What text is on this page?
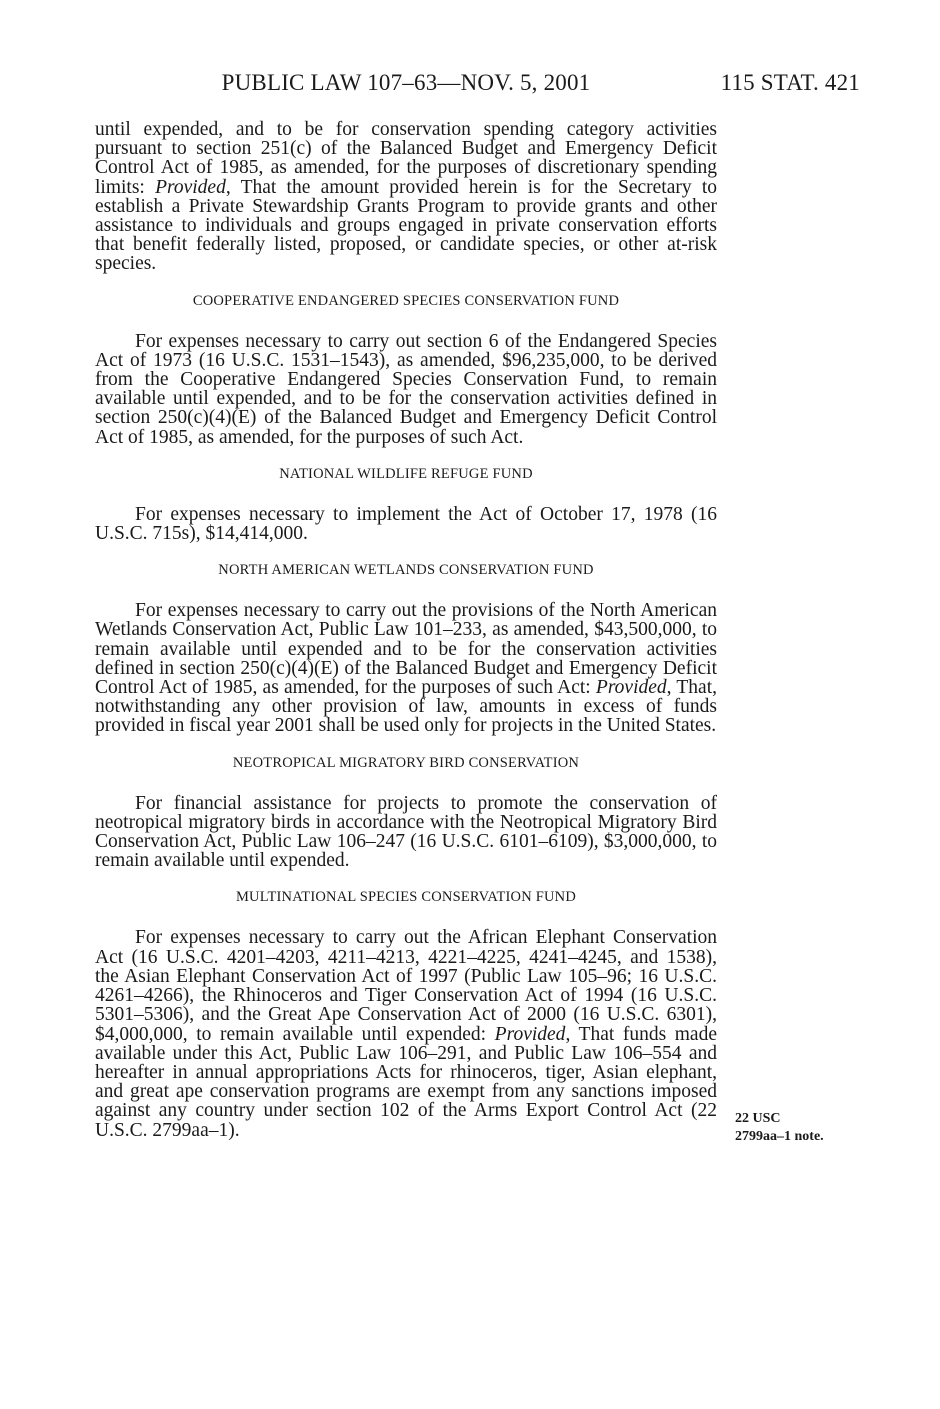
PUBLIC LAW 107–63—NOV. 5, 2001	115 STAT. 421

until expended, and to be for conservation spending category activities pursuant to section 251(c) of the Balanced Budget and Emergency Deficit Control Act of 1985, as amended, for the purposes of discretionary spending limits: Provided, That the amount provided herein is for the Secretary to establish a Private Stewardship Grants Program to provide grants and other assistance to individuals and groups engaged in private conservation efforts that benefit federally listed, proposed, or candidate species, or other at-risk species.

COOPERATIVE ENDANGERED SPECIES CONSERVATION FUND

For expenses necessary to carry out section 6 of the Endangered Species Act of 1973 (16 U.S.C. 1531–1543), as amended, $96,235,000, to be derived from the Cooperative Endangered Species Conservation Fund, to remain available until expended, and to be for the conservation activities defined in section 250(c)(4)(E) of the Balanced Budget and Emergency Deficit Control Act of 1985, as amended, for the purposes of such Act.

NATIONAL WILDLIFE REFUGE FUND

For expenses necessary to implement the Act of October 17, 1978 (16 U.S.C. 715s), $14,414,000.

NORTH AMERICAN WETLANDS CONSERVATION FUND

For expenses necessary to carry out the provisions of the North American Wetlands Conservation Act, Public Law 101–233, as amended, $43,500,000, to remain available until expended and to be for the conservation activities defined in section 250(c)(4)(E) of the Balanced Budget and Emergency Deficit Control Act of 1985, as amended, for the purposes of such Act: Provided, That, notwithstanding any other provision of law, amounts in excess of funds provided in fiscal year 2001 shall be used only for projects in the United States.

NEOTROPICAL MIGRATORY BIRD CONSERVATION

For financial assistance for projects to promote the conservation of neotropical migratory birds in accordance with the Neotropical Migratory Bird Conservation Act, Public Law 106–247 (16 U.S.C. 6101–6109), $3,000,000, to remain available until expended.

MULTINATIONAL SPECIES CONSERVATION FUND

For expenses necessary to carry out the African Elephant Conservation Act (16 U.S.C. 4201–4203, 4211–4213, 4221–4225, 4241–4245, and 1538), the Asian Elephant Conservation Act of 1997 (Public Law 105–96; 16 U.S.C. 4261–4266), the Rhinoceros and Tiger Conservation Act of 1994 (16 U.S.C. 5301–5306), and the Great Ape Conservation Act of 2000 (16 U.S.C. 6301), $4,000,000, to remain available until expended: Provided, That funds made available under this Act, Public Law 106–291, and Public Law 106–554 and hereafter in annual appropriations Acts for rhinoceros, tiger, Asian elephant, and great ape conservation programs are exempt from any sanctions imposed against any country under section 102 of the Arms Export Control Act (22 U.S.C. 2799aa–1).

22 USC
2799aa–1 note.
